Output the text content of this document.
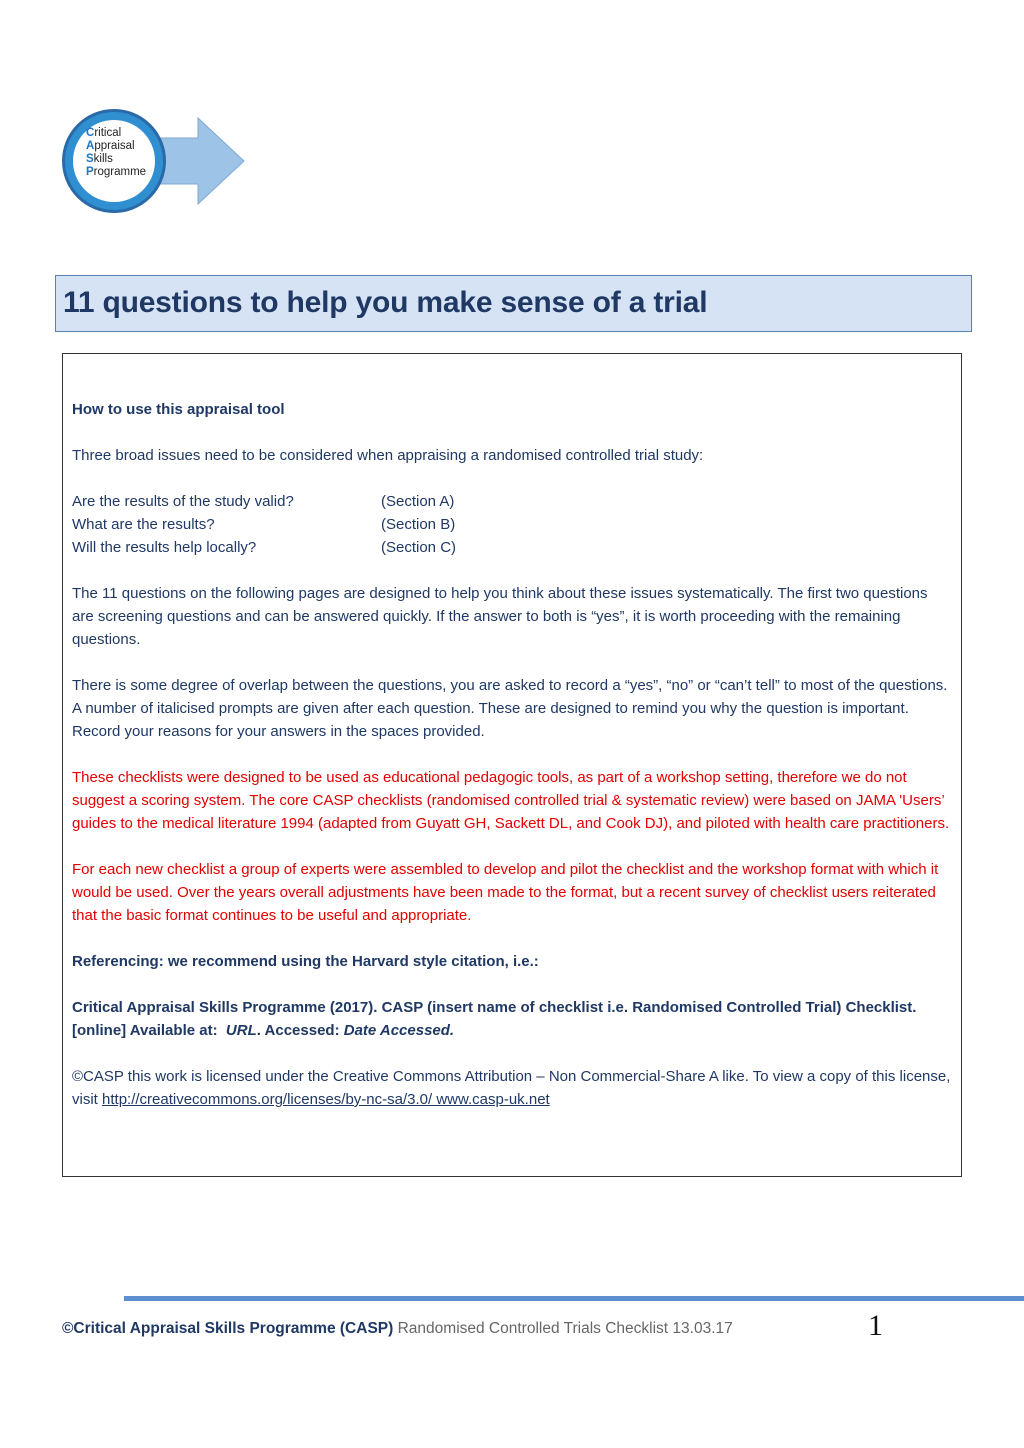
Critical
Appraisal
Skills
Programme
11 questions to help you make sense of a trial

How to use this appraisal tool

Three broad issues need to be considered when appraising a randomised controlled trial study:

Are the results of the study valid?	(Section A)
What are the results?	(Section B)
Will the results help locally?	(Section C)

The 11 questions on the following pages are designed to help you think about these issues systematically. The first two questions are screening questions and can be answered quickly. If the answer to both is “yes”, it is worth proceeding with the remaining questions.

There is some degree of overlap between the questions, you are asked to record a “yes”, “no” or “can’t tell” to most of the questions. A number of italicised prompts are given after each question. These are designed to remind you why the question is important. Record your reasons for your answers in the spaces provided.

These checklists were designed to be used as educational pedagogic tools, as part of a workshop setting, therefore we do not suggest a scoring system. The core CASP checklists (randomised controlled trial & systematic review) were based on JAMA 'Users’ guides to the medical literature 1994 (adapted from Guyatt GH, Sackett DL, and Cook DJ), and piloted with health care practitioners.

For each new checklist a group of experts were assembled to develop and pilot the checklist and the workshop format with which it would be used. Over the years overall adjustments have been made to the format, but a recent survey of checklist users reiterated that the basic format continues to be useful and appropriate.

Referencing: we recommend using the Harvard style citation, i.e.:

Critical Appraisal Skills Programme (2017). CASP (insert name of checklist i.e. Randomised Controlled Trial) Checklist. [online] Available at: URL. Accessed: Date Accessed.

©CASP this work is licensed under the Creative Commons Attribution – Non Commercial-Share A like. To view a copy of this license, visit http://creativecommons.org/licenses/by-nc-sa/3.0/ www.casp-uk.net

©Critical Appraisal Skills Programme (CASP) Randomised Controlled Trials Checklist 13.03.17	1
